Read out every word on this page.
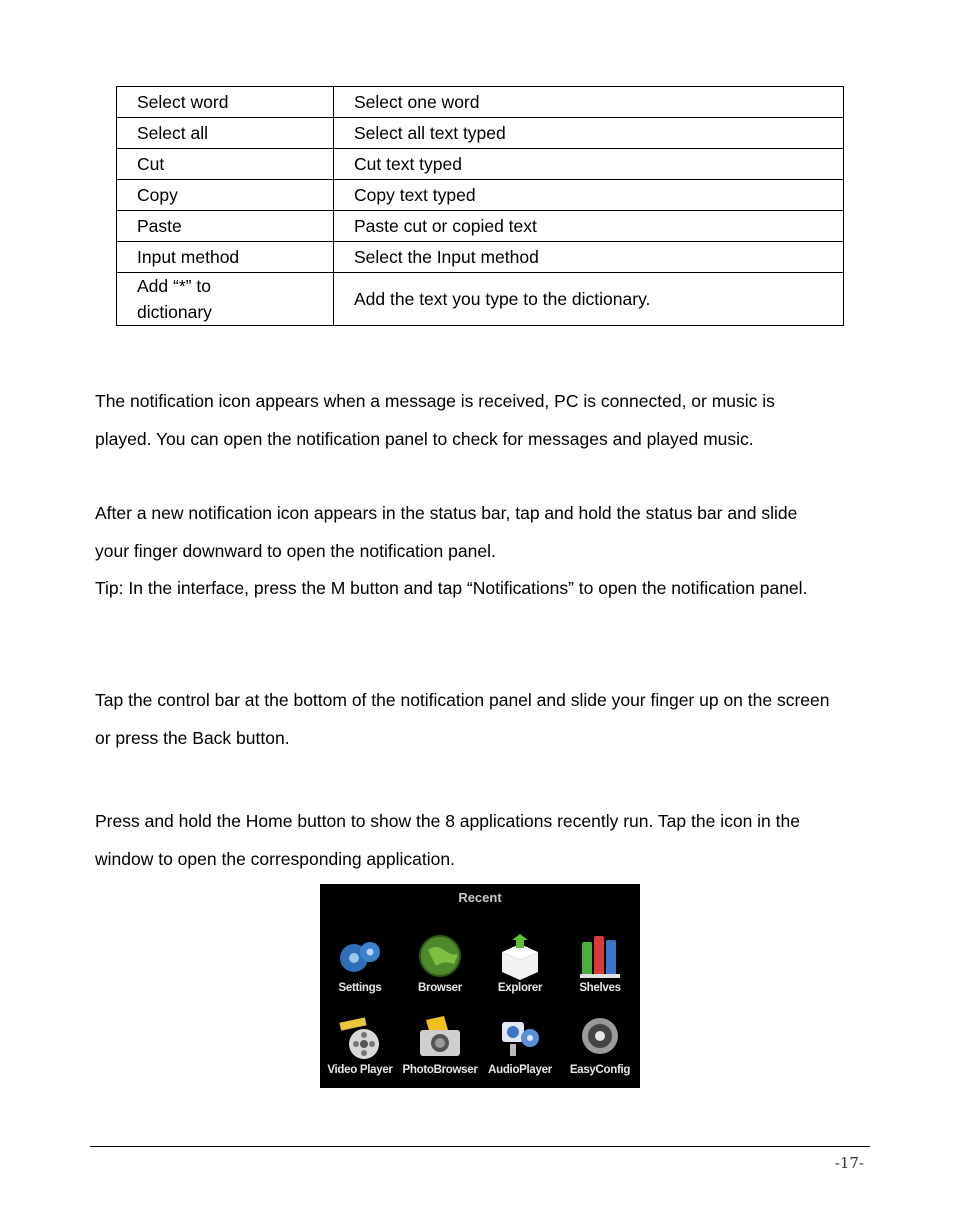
Select word	Select one word
Select all	Select all text typed
Cut	Cut text typed
Copy	Copy text typed
Paste	Paste cut or copied text
Input method	Select the Input method

Add “*” to
dictionary	Add the text you type to the dictionary.

The notification icon appears when a message is received, PC is connected, or music is played. You can open the notification panel to check for messages and played music.

After a new notification icon appears in the status bar, tap and hold the status bar and slide your finger downward to open the notification panel.

Tip: In the interface, press the M button and tap “Notifications” to open the notification panel.

Tap the control bar at the bottom of the notification panel and slide your finger up on the screen or press the Back button.

Press and hold the Home button to show the 8 applications recently run. Tap the icon in the window to open the corresponding application.

Recent
Settings	Browser	Explorer	Shelves
Video Player PhotoBrowser AudioPlayer	EasyConfig
-17-
